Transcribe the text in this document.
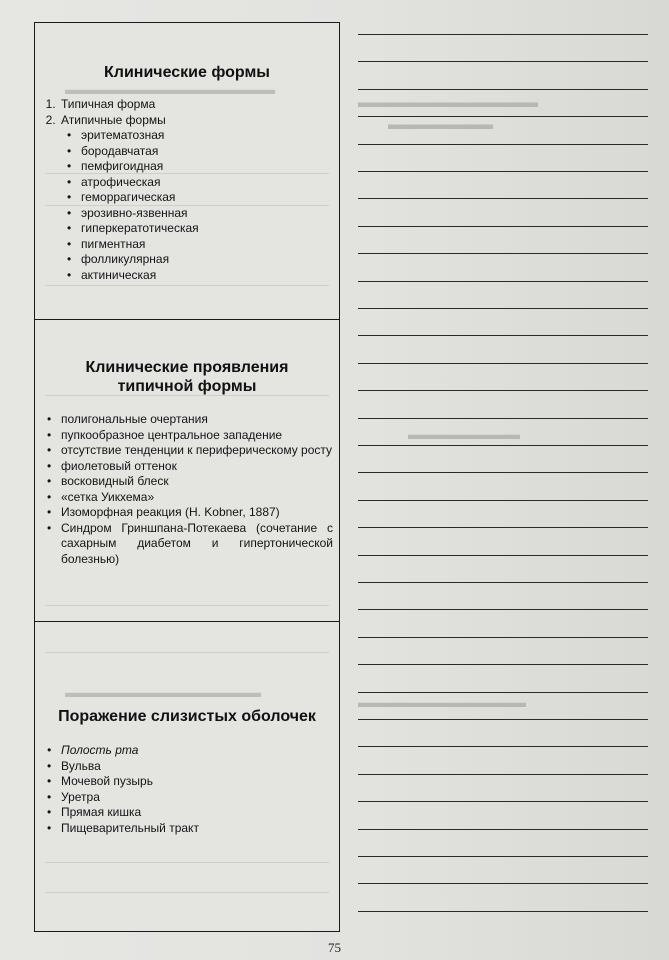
▬▬▬▬▬▬▬▬▬▬▬▬▬▬▬
Клинические формы
1. Типичная форма
2. Атипичные формы
• эритематозная
• бородавчатая
• пемфигоидная
• атрофическая
• геморрагическая
• эрозивно-язвенная
• гиперкератотическая
• пигментная
• фолликулярная
• актиническая
Клинические проявления
типичной формы
• полигональные очертания
• пупкообразное центральное западение
• отсутствие тенденции к периферическому росту
• фиолетовый оттенок
• восковидный блеск
• «сетка Уикхема»
• Изоморфная реакция (H. Kobner, 1887)
• Синдром Гриншпана-Потекаева (сочетание с сахарным диабетом и гипертонической болезнью)
▬▬▬▬▬▬▬▬▬▬▬▬▬▬
Поражение слизистых оболочек
• Полость рта
• Вульва
• Мочевой пузырь
• Уретра
• Прямая кишка
• Пищеварительный тракт
▬▬▬▬▬▬▬▬▬▬▬▬
▬▬▬▬▬▬▬
▬▬▬▬▬▬▬▬
▬▬▬▬▬▬▬▬▬▬▬▬
75
